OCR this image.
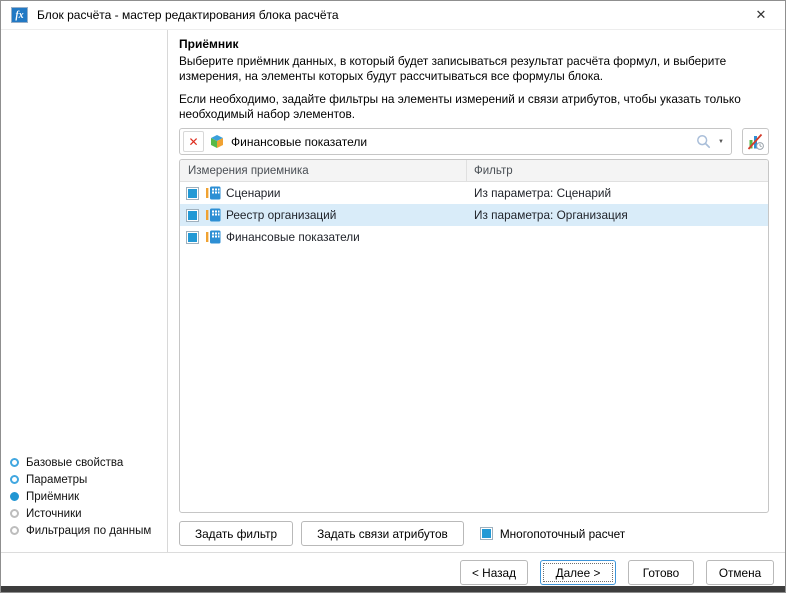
fx	Блок расчёта - мастер редактирования блока расчёта	✕
Базовые свойства
Параметры
Приёмник
Источники
Фильтрация по данным
Приёмник
Выберите приёмник данных, в который будет записываться результат расчёта формул, и выберите измерения, на элементы которых будут рассчитываться все формулы блока.
Если необходимо, задайте фильтры на элементы измерений и связи атрибутов, чтобы указать только необходимый набор элементов.
✕	Финансовые показатели	▼
Измерения приемника	Фильтр
Сценарии	Из параметра: Сценарий
Реестр организаций	Из параметра: Организация
Финансовые показатели
Задать фильтр	Задать связи атрибутов	Многопоточный расчет
< Назад	Далее >	Готово	Отмена
